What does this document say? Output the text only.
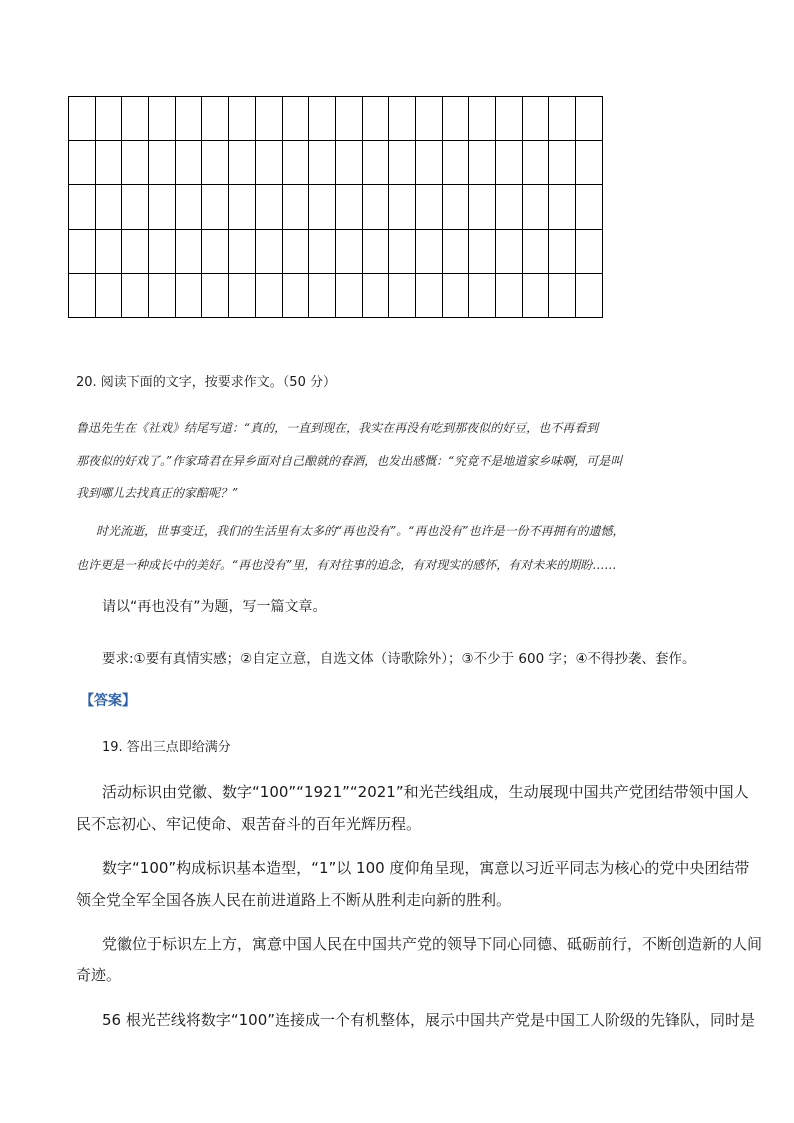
20. 阅读下面的文字，按要求作文。（50 分）

鲁迅先生在《社戏》结尾写道：“真的，一直到现在，我实在再没有吃到那夜似的好豆，也不再看到

那夜似的好戏了。”作家琦君在异乡面对自己酿就的春酒，也发出感慨：“究竟不是地道家乡味啊，可是叫

我到哪儿去找真正的家醅呢？”

时光流逝，世事变迁，我们的生活里有太多的“再也没有”。“再也没有”也许是一份不再拥有的遗憾，

也许更是一种成长中的美好。“再也没有”里，有对往事的追念，有对现实的感怀，有对未来的期盼……

请以“再也没有”为题，写一篇文章。

要求:①要有真情实感；②自定立意，自选文体（诗歌除外）；③不少于 600 字；④不得抄袭、套作。

【答案】

19. 答出三点即给满分

活动标识由党徽、数字“100”“1921”“2021”和光芒线组成，生动展现中国共产党团结带领中国人

民不忘初心、牢记使命、艰苦奋斗的百年光辉历程。

数字“100”构成标识基本造型，“1”以 100 度仰角呈现，寓意以习近平同志为核心的党中央团结带

领全党全军全国各族人民在前进道路上不断从胜利走向新的胜利。

党徽位于标识左上方，寓意中国人民在中国共产党的领导下同心同德、砥砺前行，不断创造新的人间

奇迹。

56 根光芒线将数字“100”连接成一个有机整体，展示中国共产党是中国工人阶级的先锋队，同时是
